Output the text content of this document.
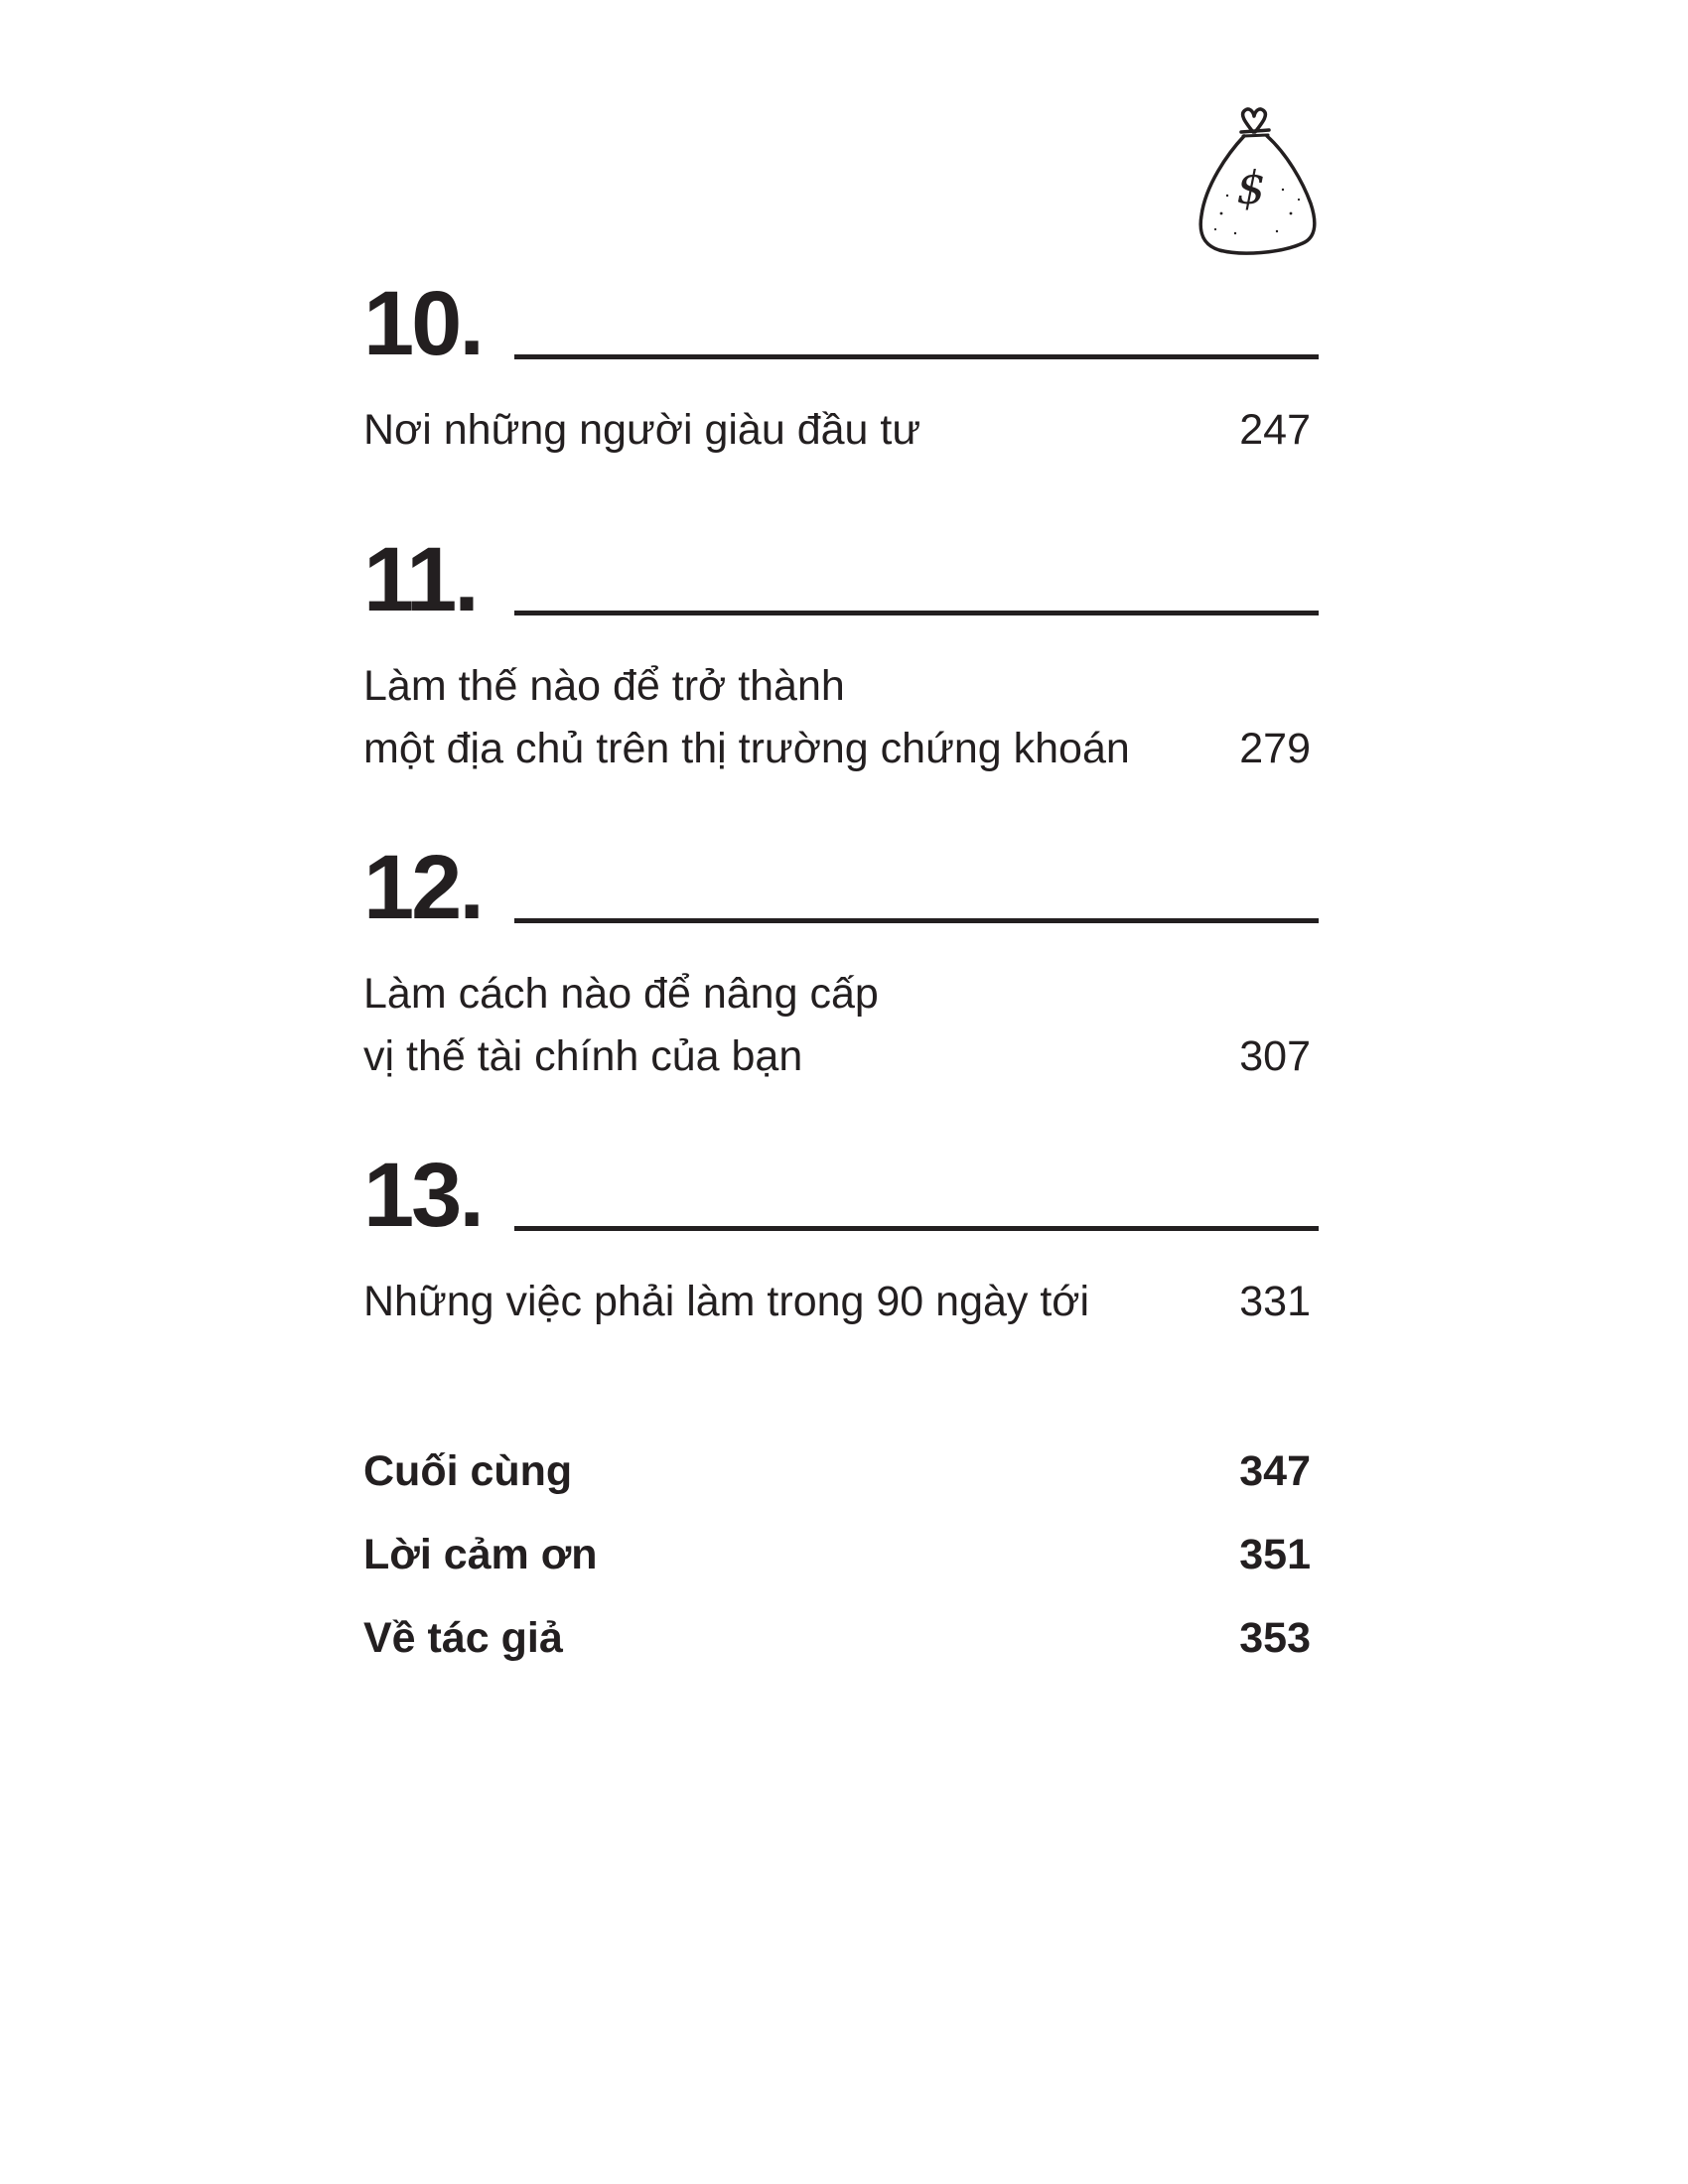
$
10.
Nơi những người giàu đầu tư	247
11.
Làm thế nào để trở thành
một địa chủ trên thị trường chứng khoán	279
12.
Làm cách nào để nâng cấp
vị thế tài chính của bạn	307
13.
Những việc phải làm trong 90 ngày tới	331
Cuối cùng	347
Lời cảm ơn	351
Về tác giả	353
